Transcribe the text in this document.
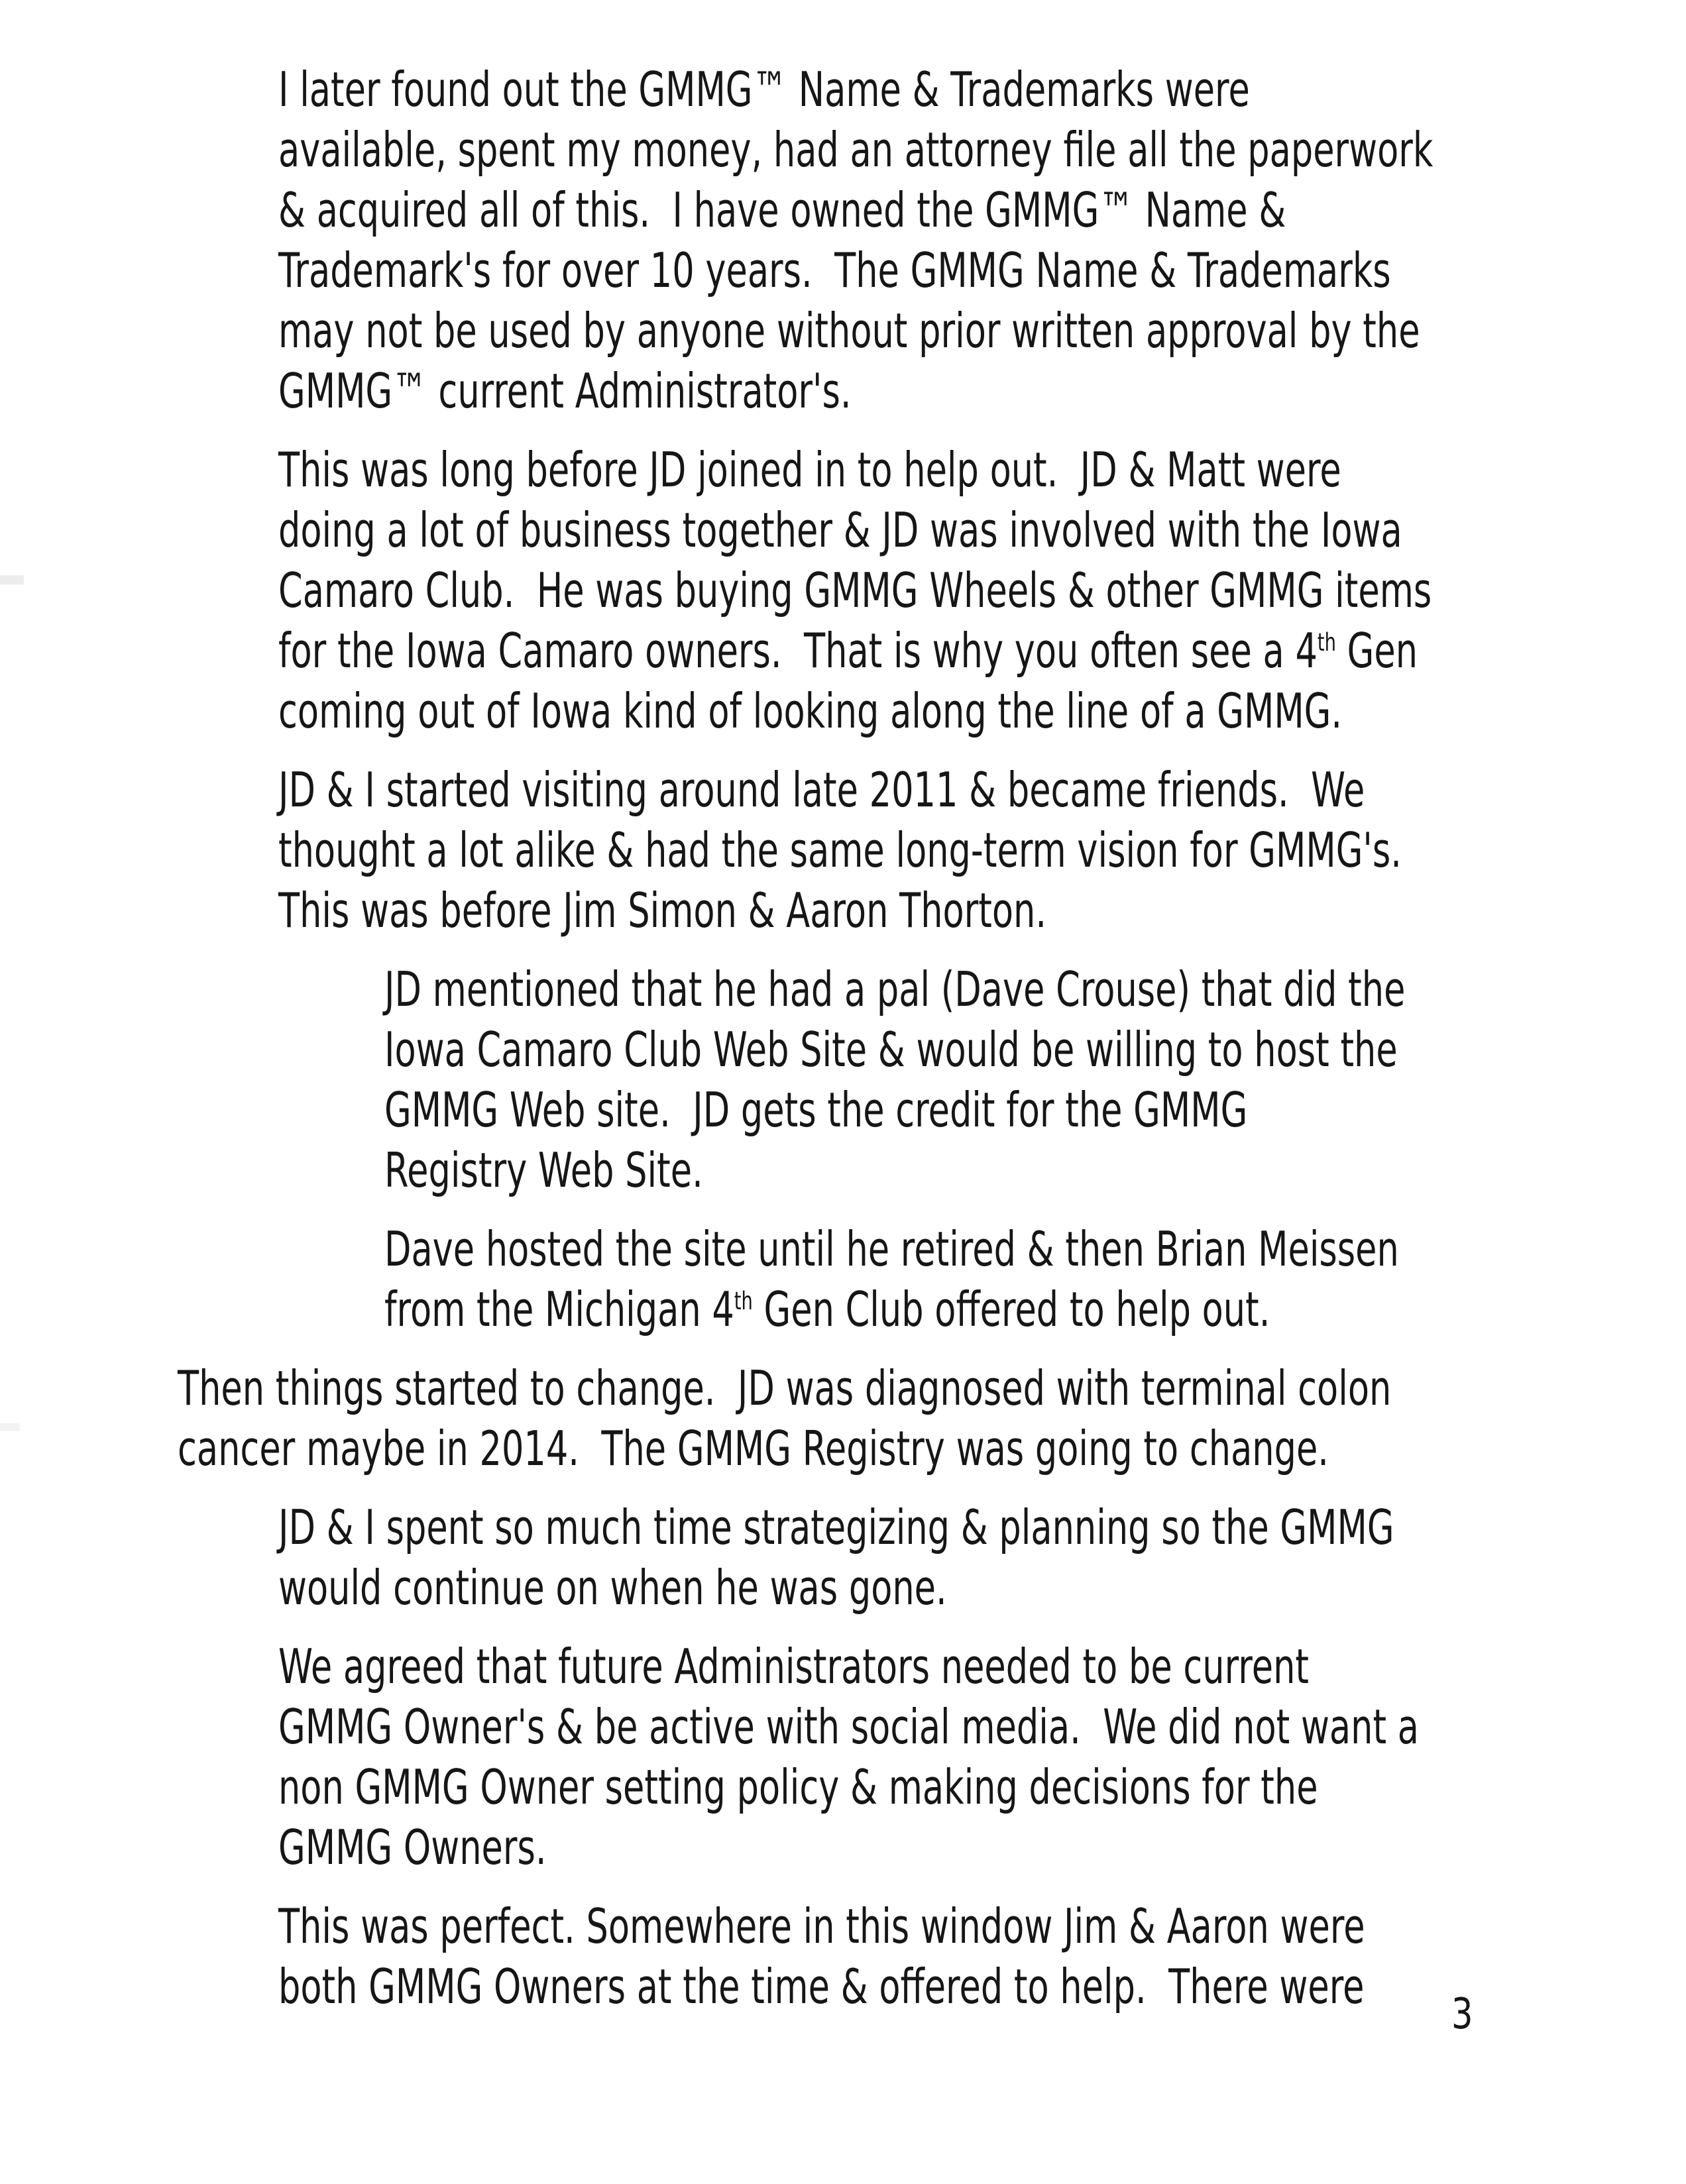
I later found out the GMMG™ Name & Trademarks were
available, spent my money, had an attorney file all the paperwork
& acquired all of this.  I have owned the GMMG™ Name &
Trademark's for over 10 years.  The GMMG Name & Trademarks
may not be used by anyone without prior written approval by the
GMMG™ current Administrator's.
This was long before JD joined in to help out.  JD & Matt were
doing a lot of business together & JD was involved with the Iowa
Camaro Club.  He was buying GMMG Wheels & other GMMG items
for the Iowa Camaro owners.  That is why you often see a 4th Gen
coming out of Iowa kind of looking along the line of a GMMG.
JD & I started visiting around late 2011 & became friends.  We
thought a lot alike & had the same long-term vision for GMMG's.
This was before Jim Simon & Aaron Thorton.
JD mentioned that he had a pal (Dave Crouse) that did the
Iowa Camaro Club Web Site & would be willing to host the
GMMG Web site.  JD gets the credit for the GMMG
Registry Web Site.
Dave hosted the site until he retired & then Brian Meissen
from the Michigan 4th Gen Club offered to help out.
Then things started to change.  JD was diagnosed with terminal colon
cancer maybe in 2014.  The GMMG Registry was going to change.
JD & I spent so much time strategizing & planning so the GMMG
would continue on when he was gone.
We agreed that future Administrators needed to be current
GMMG Owner's & be active with social media.  We did not want a
non GMMG Owner setting policy & making decisions for the
GMMG Owners.
This was perfect. Somewhere in this window Jim & Aaron were
both GMMG Owners at the time & offered to help.  There were 3
